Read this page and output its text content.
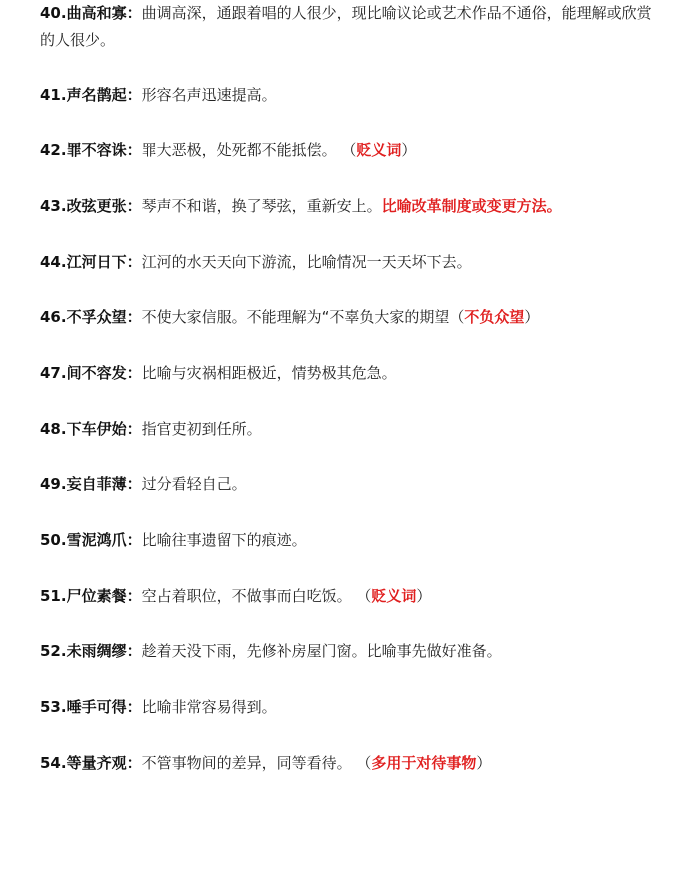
40.曲高和寡：曲调高深，通跟着唱的人很少，现比喻议论或艺术作品不通俗，能理解或欣赏的人很少。
41.声名鹊起：形容名声迅速提高。
42.罪不容诛：罪大恶极，处死都不能抵偿。 （贬义词）
43.改弦更张：琴声不和谐，换了琴弦，重新安上。比喻改革制度或变更方法。
44.江河日下：江河的水天天向下游流，比喻情况一天天坏下去。
46.不孚众望：不使大家信服。不能理解为“不辜负大家的期望（不负众望）
47.间不容发：比喻与灾祸相距极近，情势极其危急。
48.下车伊始：指官吏初到任所。
49.妄自菲薄：过分看轻自己。
50.雪泥鸿爪：比喻往事遗留下的痕迹。
51.尸位素餐：空占着职位，不做事而白吃饭。 （贬义词）
52.未雨绸缪：趁着天没下雨，先修补房屋门窗。比喻事先做好准备。
53.唾手可得：比喻非常容易得到。
54.等量齐观：不管事物间的差异，同等看待。 （多用于对待事物）
